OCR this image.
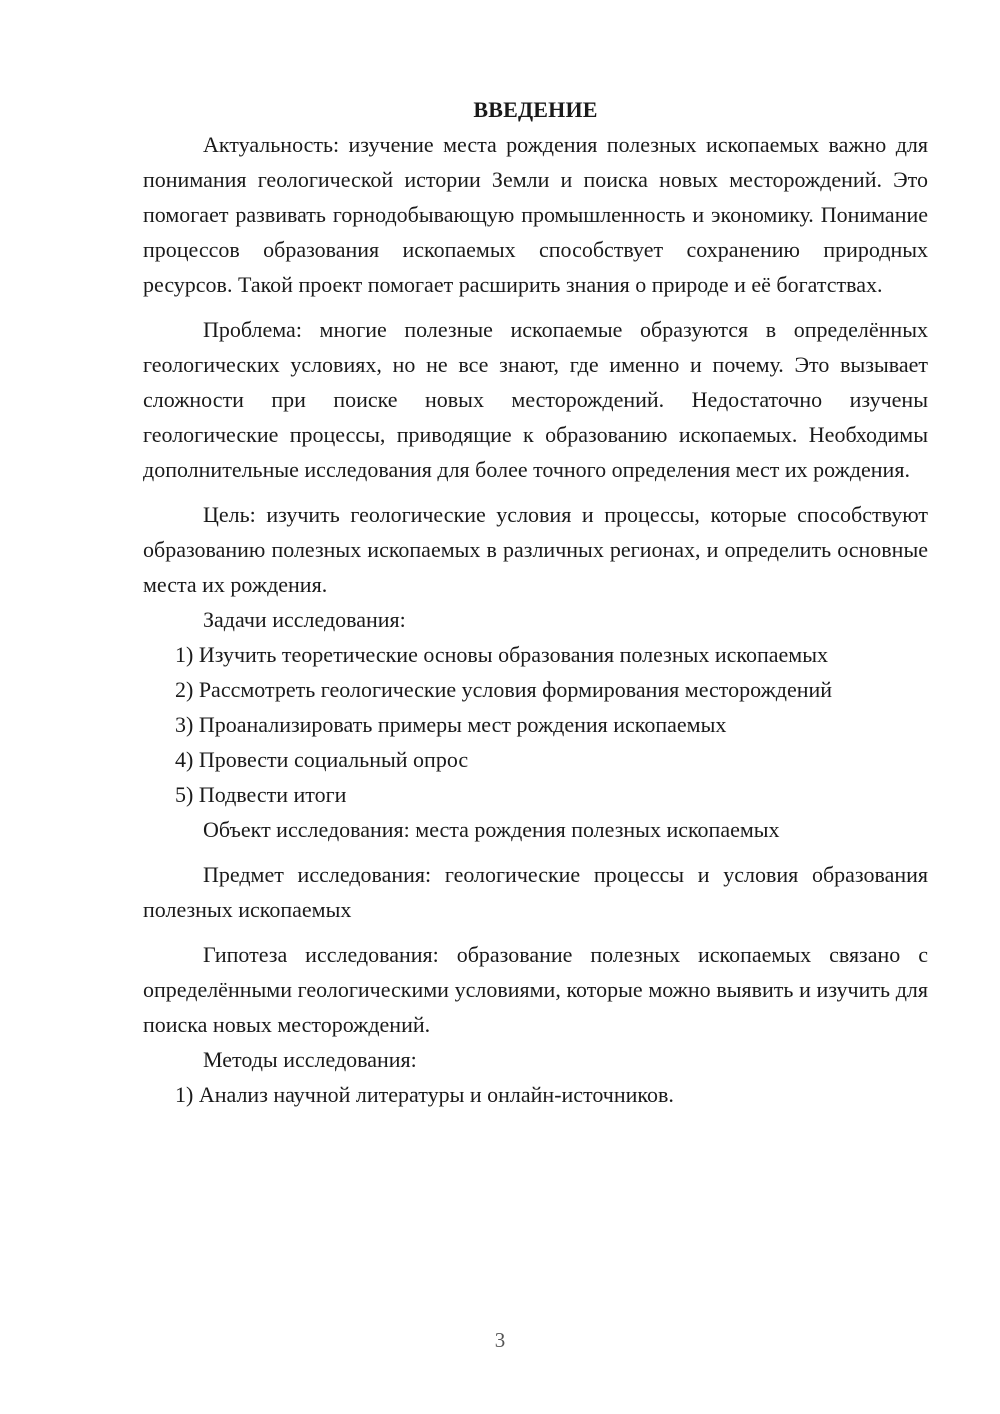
ВВЕДЕНИЕ

Актуальность: изучение места рождения полезных ископаемых важно для понимания геологической истории Земли и поиска новых месторождений. Это помогает развивать горнодобывающую промышленность и экономику. Понимание процессов образования ископаемых способствует сохранению природных ресурсов. Такой проект помогает расширить знания о природе и её богатствах.

Проблема: многие полезные ископаемые образуются в определённых геологических условиях, но не все знают, где именно и почему. Это вызывает сложности при поиске новых месторождений. Недостаточно изучены геологические процессы, приводящие к образованию ископаемых. Необходимы дополнительные исследования для более точного определения мест их рождения.

Цель: изучить геологические условия и процессы, которые способствуют образованию полезных ископаемых в различных регионах, и определить основные места их рождения.

Задачи исследования:

1) Изучить теоретические основы образования полезных ископаемых

2) Рассмотреть геологические условия формирования месторождений

3) Проанализировать примеры мест рождения ископаемых

4) Провести социальный опрос

5) Подвести итоги

Объект исследования: места рождения полезных ископаемых

Предмет исследования: геологические процессы и условия образования полезных ископаемых

Гипотеза исследования: образование полезных ископаемых связано с определёнными геологическими условиями, которые можно выявить и изучить для поиска новых месторождений.

Методы исследования:

1) Анализ научной литературы и онлайн-источников.

3
